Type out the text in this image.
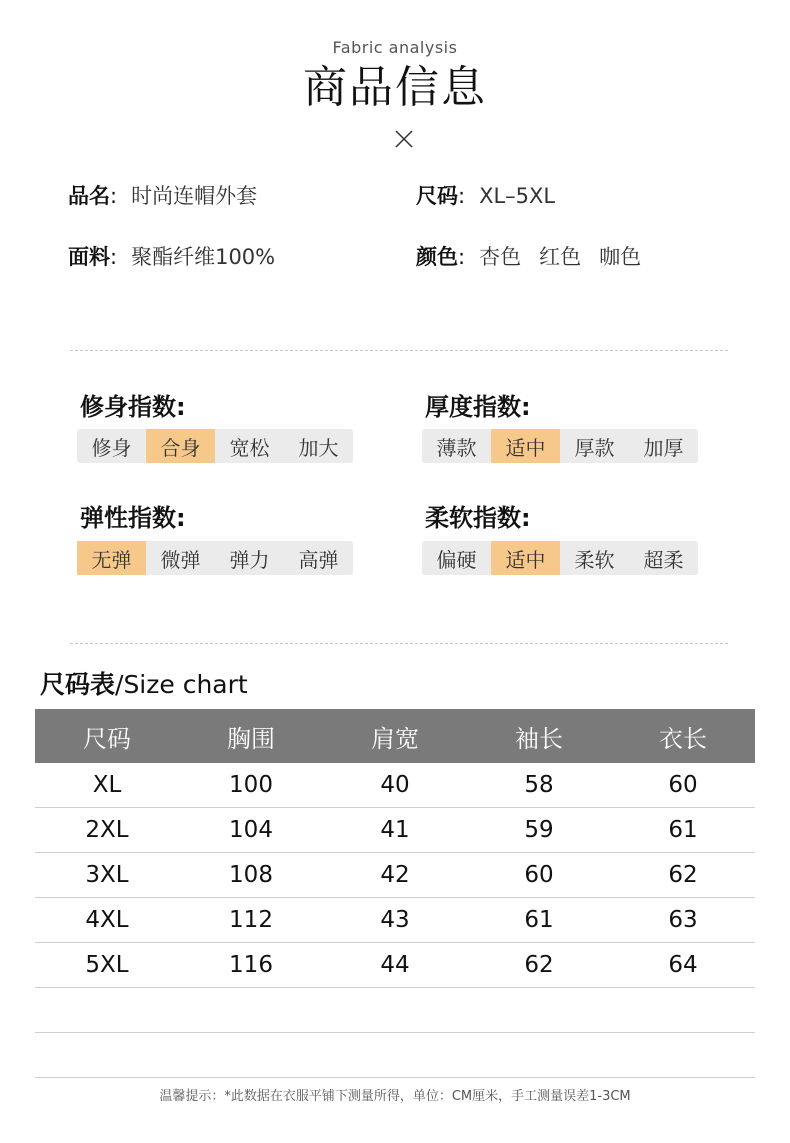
Fabric analysis
商品信息
品名: 时尚连帽外套	尺码: XL–5XL
面料: 聚酯纤维100%	颜色: 杏色 红色 咖色
修身指数:
修身	合身	宽松	加大
厚度指数:
薄款	适中	厚款	加厚
弹性指数:
无弹	微弹	弹力	高弹
柔软指数:
偏硬	适中	柔软	超柔
尺码表/Size chart
尺码	胸围	肩宽	袖长	衣长
XL	100	40	58	60
2XL	104	41	59	61
3XL	108	42	60	62
4XL	112	43	61	63
5XL	116	44	62	64

温馨提示：*此数据在衣服平铺下测量所得，单位：CM厘米，手工测量误差1-3CM
